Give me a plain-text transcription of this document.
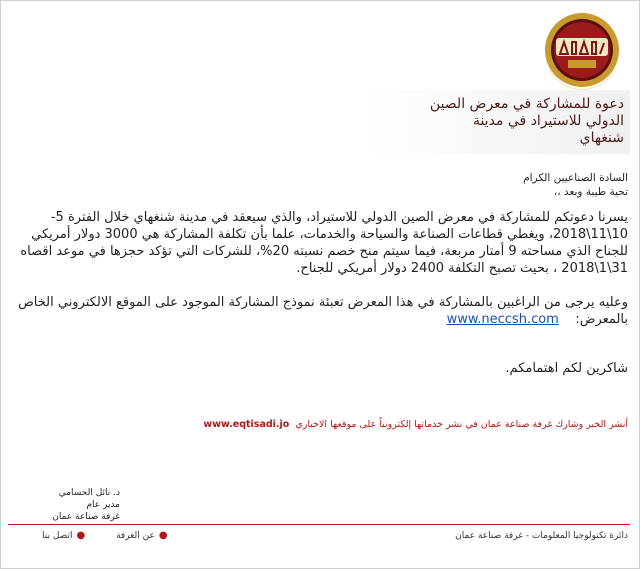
دعوة للمشاركة في معرض الصين

الدولي للاستيراد في مدينة

شنغهاي

السادة الصناعيين الكرام
تحية طيبة وبعد ،،
يسرنا دعوتكم للمشاركة في معرض الصين الدولي للاستيراد، والذي سيعقد في مدينة شنغهاي خلال الفترة 5-10\11\2018، ويغطي قطاعات الصناعة والسياحة والخدمات، علما بأن تكلفة المشاركة هي 3000 دولار أمريكي للجناح الذي مساحته 9 أمتار مربعة، فيما سيتم منح خصم نسبته 20%، للشركات التي تؤكد حجزها في موعد اقصاه 31\1\2018 ، بحيث تصبح التكلفة 2400 دولار أمريكي للجناح.
وعليه يرجى من الراغبين بالمشاركة في هذا المعرض تعبئة نموذج المشاركة الموجود على الموقع الالكتروني الخاص بالمعرض:    www.neccsh.com
شاكرين لكم اهتمامكم.
أنشر الخبر وشارك غرفة صناعة عمان في نشر خدماتها إلكترونياً على موقعها الاخباري  www.eqtisadi.jo
د. نائل الحسامي
مدير عام
غرفة صناعة عمان
دائرة تكنولوجيا المعلومات - غرفة صناعة عمان
●عن الغرفة ●اتصل بنا
